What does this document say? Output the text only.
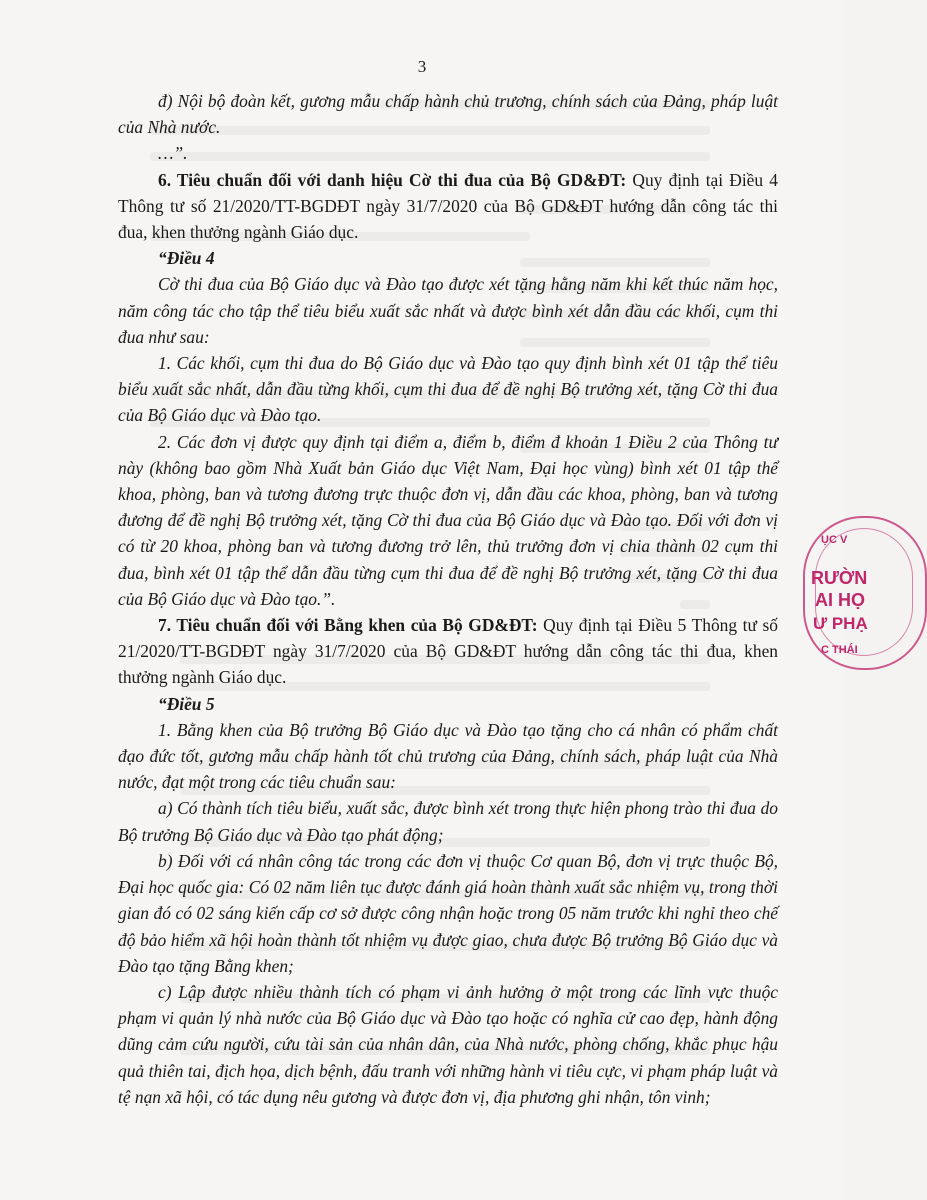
3

đ) Nội bộ đoàn kết, gương mẫu chấp hành chủ trương, chính sách của Đảng, pháp luật của Nhà nước.

…”.

6. Tiêu chuẩn đối với danh hiệu Cờ thi đua của Bộ GD&ĐT: Quy định tại Điều 4 Thông tư số 21/2020/TT-BGDĐT ngày 31/7/2020 của Bộ GD&ĐT hướng dẫn công tác thi đua, khen thưởng ngành Giáo dục.

“Điều 4

Cờ thi đua của Bộ Giáo dục và Đào tạo được xét tặng hằng năm khi kết thúc năm học, năm công tác cho tập thể tiêu biểu xuất sắc nhất và được bình xét dẫn đầu các khối, cụm thi đua như sau:

1. Các khối, cụm thi đua do Bộ Giáo dục và Đào tạo quy định bình xét 01 tập thể tiêu biểu xuất sắc nhất, dẫn đầu từng khối, cụm thi đua để đề nghị Bộ trưởng xét, tặng Cờ thi đua của Bộ Giáo dục và Đào tạo.

2. Các đơn vị được quy định tại điểm a, điểm b, điểm đ khoản 1 Điều 2 của Thông tư này (không bao gồm Nhà Xuất bản Giáo dục Việt Nam, Đại học vùng) bình xét 01 tập thể khoa, phòng, ban và tương đương trực thuộc đơn vị, dẫn đầu các khoa, phòng, ban và tương đương để đề nghị Bộ trưởng xét, tặng Cờ thi đua của Bộ Giáo dục và Đào tạo. Đối với đơn vị có từ 20 khoa, phòng ban và tương đương trở lên, thủ trưởng đơn vị chia thành 02 cụm thi đua, bình xét 01 tập thể dẫn đầu từng cụm thi đua để đề nghị Bộ trưởng xét, tặng Cờ thi đua của Bộ Giáo dục và Đào tạo.”.

7. Tiêu chuẩn đối với Bằng khen của Bộ GD&ĐT: Quy định tại Điều 5 Thông tư số 21/2020/TT-BGDĐT ngày 31/7/2020 của Bộ GD&ĐT hướng dẫn công tác thi đua, khen thưởng ngành Giáo dục.

“Điều 5

1. Bằng khen của Bộ trưởng Bộ Giáo dục và Đào tạo tặng cho cá nhân có phẩm chất đạo đức tốt, gương mẫu chấp hành tốt chủ trương của Đảng, chính sách, pháp luật của Nhà nước, đạt một trong các tiêu chuẩn sau:

a) Có thành tích tiêu biểu, xuất sắc, được bình xét trong thực hiện phong trào thi đua do Bộ trưởng Bộ Giáo dục và Đào tạo phát động;

b) Đối với cá nhân công tác trong các đơn vị thuộc Cơ quan Bộ, đơn vị trực thuộc Bộ, Đại học quốc gia: Có 02 năm liên tục được đánh giá hoàn thành xuất sắc nhiệm vụ, trong thời gian đó có 02 sáng kiến cấp cơ sở được công nhận hoặc trong 05 năm trước khi nghỉ theo chế độ bảo hiểm xã hội hoàn thành tốt nhiệm vụ được giao, chưa được Bộ trưởng Bộ Giáo dục và Đào tạo tặng Bằng khen;

c) Lập được nhiều thành tích có phạm vi ảnh hưởng ở một trong các lĩnh vực thuộc phạm vi quản lý nhà nước của Bộ Giáo dục và Đào tạo hoặc có nghĩa cử cao đẹp, hành động dũng cảm cứu người, cứu tài sản của nhân dân, của Nhà nước, phòng chống, khắc phục hậu quả thiên tai, địch họa, dịch bệnh, đấu tranh với những hành vi tiêu cực, vi phạm pháp luật và tệ nạn xã hội, có tác dụng nêu gương và được đơn vị, địa phương ghi nhận, tôn vinh;

ỤC V
RƯỜN
AI HỌ
Ư PHẠ
C THÁI
